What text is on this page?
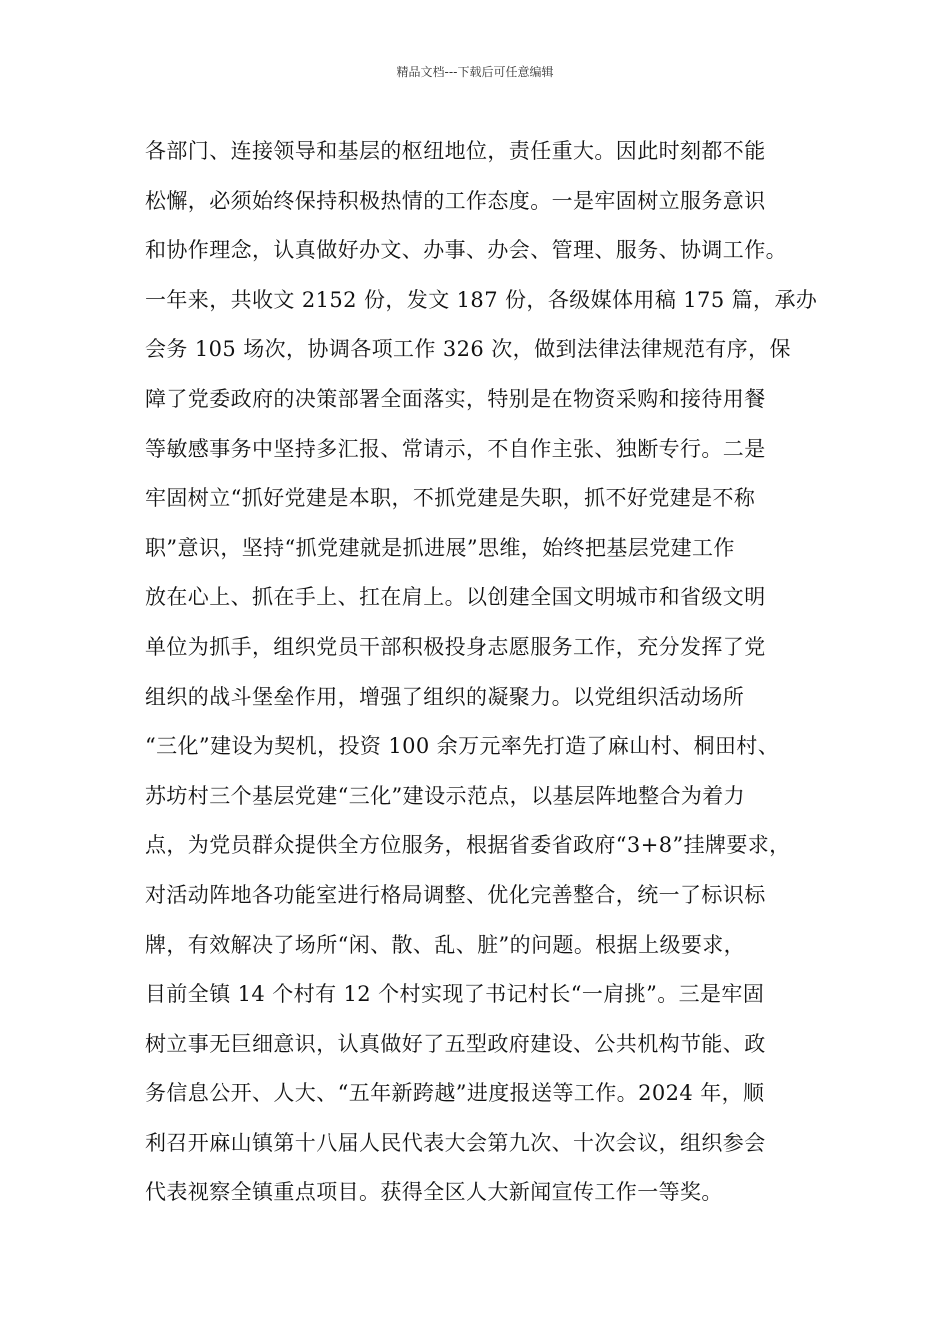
精品文档---下载后可任意编辑
各部门、连接领导和基层的枢纽地位，责任重大。因此时刻都不能
松懈，必须始终保持积极热情的工作态度。一是牢固树立服务意识
和协作理念，认真做好办文、办事、办会、管理、服务、协调工作。
一年来，共收文 2152 份，发文 187 份，各级媒体用稿 175 篇，承办
会务 105 场次，协调各项工作 326 次，做到法律法律规范有序，保
障了党委政府的决策部署全面落实，特别是在物资采购和接待用餐
等敏感事务中坚持多汇报、常请示，不自作主张、独断专行。二是
牢固树立“抓好党建是本职，不抓党建是失职，抓不好党建是不称
职”意识，坚持“抓党建就是抓进展”思维，始终把基层党建工作
放在心上、抓在手上、扛在肩上。以创建全国文明城市和省级文明
单位为抓手，组织党员干部积极投身志愿服务工作，充分发挥了党
组织的战斗堡垒作用，增强了组织的凝聚力。以党组织活动场所
“三化”建设为契机，投资 100 余万元率先打造了麻山村、桐田村、
苏坊村三个基层党建“三化”建设示范点，以基层阵地整合为着力
点，为党员群众提供全方位服务，根据省委省政府“3+8”挂牌要求，
对活动阵地各功能室进行格局调整、优化完善整合，统一了标识标
牌，有效解决了场所“闲、散、乱、脏”的问题。根据上级要求，
目前全镇 14 个村有 12 个村实现了书记村长“一肩挑”。三是牢固
树立事无巨细意识，认真做好了五型政府建设、公共机构节能、政
务信息公开、人大、“五年新跨越”进度报送等工作。2024 年，顺
利召开麻山镇第十八届人民代表大会第九次、十次会议，组织参会
代表视察全镇重点项目。获得全区人大新闻宣传工作一等奖。
